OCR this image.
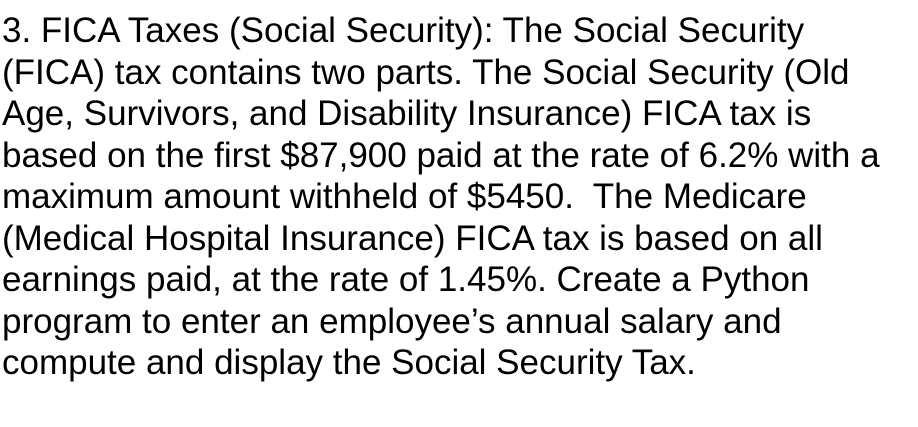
3. FICA Taxes (Social Security): The Social Security
(FICA) tax contains two parts. The Social Security (Old
Age, Survivors, and Disability Insurance) FICA tax is
based on the first $87,900 paid at the rate of 6.2% with a
maximum amount withheld of $5450.  The Medicare
(Medical Hospital Insurance) FICA tax is based on all
earnings paid, at the rate of 1.45%. Create a Python
program to enter an employee’s annual salary and
compute and display the Social Security Tax.
